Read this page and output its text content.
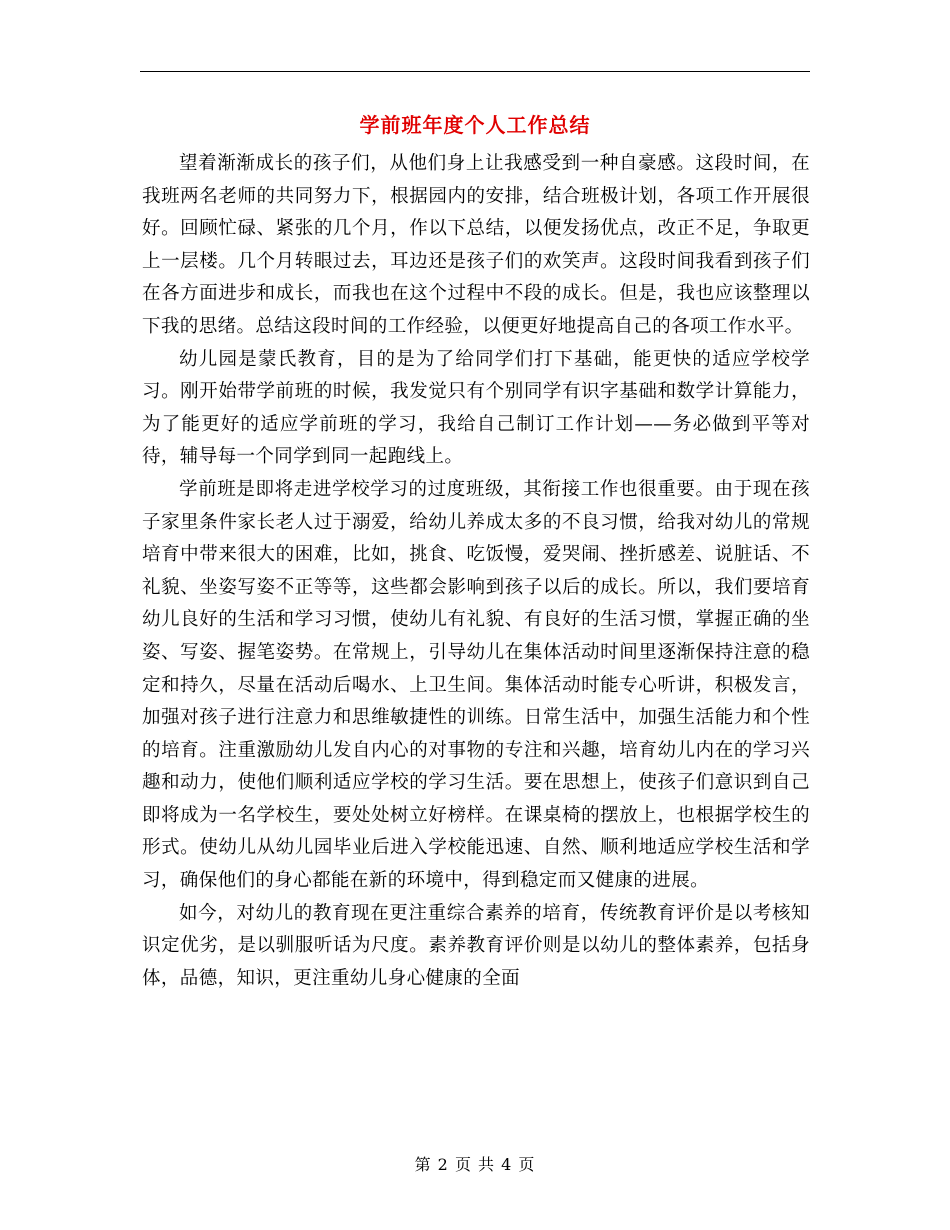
学前班年度个人工作总结

望着渐渐成长的孩子们，从他们身上让我感受到一种自豪感。这段时间，在我班两名老师的共同努力下，根据园内的安排，结合班极计划，各项工作开展很好。回顾忙碌、紧张的几个月，作以下总结，以便发扬优点，改正不足，争取更上一层楼。几个月转眼过去，耳边还是孩子们的欢笑声。这段时间我看到孩子们在各方面进步和成长，而我也在这个过程中不段的成长。但是，我也应该整理以下我的思绪。总结这段时间的工作经验，以便更好地提高自己的各项工作水平。

幼儿园是蒙氏教育，目的是为了给同学们打下基础，能更快的适应学校学习。刚开始带学前班的时候，我发觉只有个别同学有识字基础和数学计算能力，为了能更好的适应学前班的学习，我给自己制订工作计划——务必做到平等对待，辅导每一个同学到同一起跑线上。

学前班是即将走进学校学习的过度班级，其衔接工作也很重要。由于现在孩子家里条件家长老人过于溺爱，给幼儿养成太多的不良习惯，给我对幼儿的常规培育中带来很大的困难，比如，挑食、吃饭慢，爱哭闹、挫折感差、说脏话、不礼貌、坐姿写姿不正等等，这些都会影响到孩子以后的成长。所以，我们要培育幼儿良好的生活和学习习惯，使幼儿有礼貌、有良好的生活习惯，掌握正确的坐姿、写姿、握笔姿势。在常规上，引导幼儿在集体活动时间里逐渐保持注意的稳定和持久，尽量在活动后喝水、上卫生间。集体活动时能专心听讲，积极发言，加强对孩子进行注意力和思维敏捷性的训练。日常生活中，加强生活能力和个性的培育。注重激励幼儿发自内心的对事物的专注和兴趣，培育幼儿内在的学习兴趣和动力，使他们顺利适应学校的学习生活。要在思想上，使孩子们意识到自己即将成为一名学校生，要处处树立好榜样。在课桌椅的摆放上，也根据学校生的形式。使幼儿从幼儿园毕业后进入学校能迅速、自然、顺利地适应学校生活和学习，确保他们的身心都能在新的环境中，得到稳定而又健康的进展。

如今，对幼儿的教育现在更注重综合素养的培育，传统教育评价是以考核知识定优劣，是以驯服听话为尺度。素养教育评价则是以幼儿的整体素养，包括身体，品德，知识，更注重幼儿身心健康的全面

第 2 页 共 4 页
